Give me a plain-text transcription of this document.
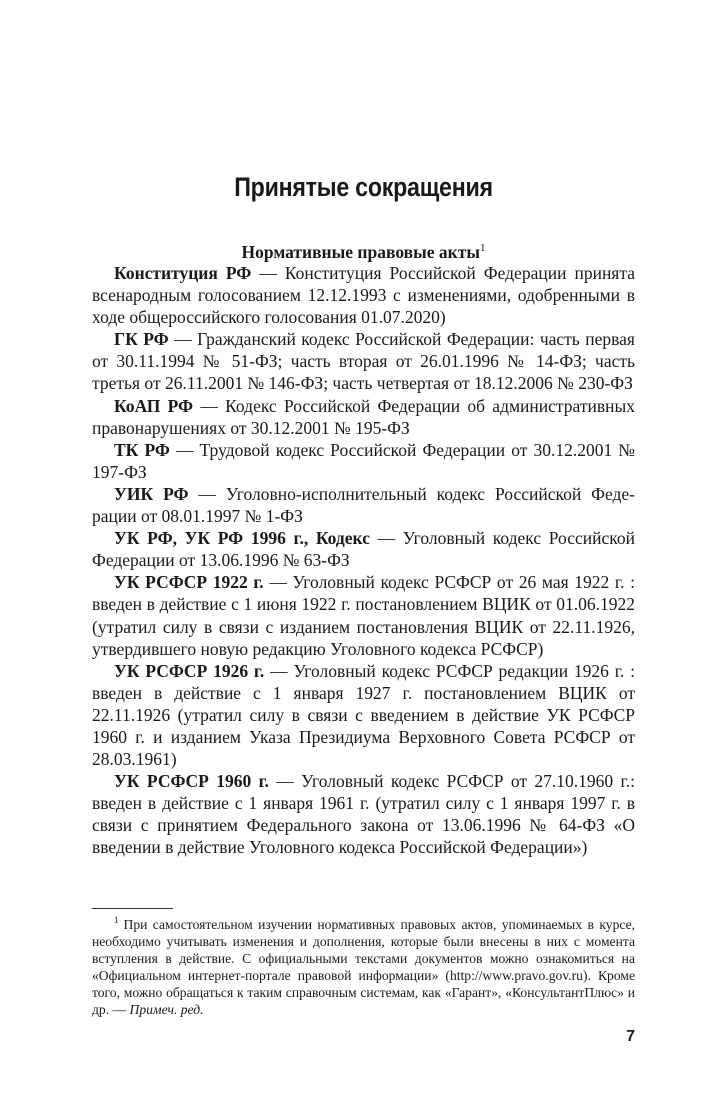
Принятые сокращения
Нормативные правовые акты$^1$

Конституция РФ — Конституция Российской Федерации принята всенародным голосованием 12.12.1993 с изменениями, одобренными в ходе общероссийского голосования 01.07.2020)

ГК РФ — Гражданский кодекс Российской Федерации: часть первая от 30.11.1994 № 51-ФЗ; часть вторая от 26.01.1996 № 14-ФЗ; часть третья от 26.11.2001 № 146-ФЗ; часть четвертая от 18.12.2006 № 230-ФЗ

КоАП РФ — Кодекс Российской Федерации об административных правонарушениях от 30.12.2001 № 195-ФЗ

ТК РФ — Трудовой кодекс Российской Федерации от 30.12.2001 № 197-ФЗ

УИК РФ — Уголовно-исполнительный кодекс Российской Федерации от 08.01.1997 № 1-ФЗ

УК РФ, УК РФ 1996 г., Кодекс — Уголовный кодекс Российской Федерации от 13.06.1996 № 63-ФЗ

УК РСФСР 1922 г. — Уголовный кодекс РСФСР от 26 мая 1922 г. : введен в действие с 1 июня 1922 г. постановлением ВЦИК от 01.06.1922 (утратил силу в связи с изданием постановления ВЦИК от 22.11.1926, утвердившего новую редакцию Уголовного кодекса РСФСР)

УК РСФСР 1926 г. — Уголовный кодекс РСФСР редакции 1926 г. : введен в действие с 1 января 1927 г. постановлением ВЦИК от 22.11.1926 (утратил силу в связи с введением в действие УК РСФСР 1960 г. и изданием Указа Президиума Верховного Совета РСФСР от 28.03.1961)

УК РСФСР 1960 г. — Уголовный кодекс РСФСР от 27.10.1960 г.: введен в действие с 1 января 1961 г. (утратил силу с 1 января 1997 г. в связи с принятием Федерального закона от 13.06.1996 № 64-ФЗ «О введении в действие Уголовного кодекса Российской Федерации»)

$^1$ При самостоятельном изучении нормативных правовых актов, упоминаемых в курсе, необходимо учитывать изменения и дополнения, которые были внесены в них с момента вступления в действие. С официальными текстами документов можно ознакомиться на «Официальном интернет-портале правовой информации» (http://www.pravo.gov.ru). Кроме того, можно обращаться к таким справочным системам, как «Гарант», «КонсультантПлюс» и др. — Примеч. ред.

7
